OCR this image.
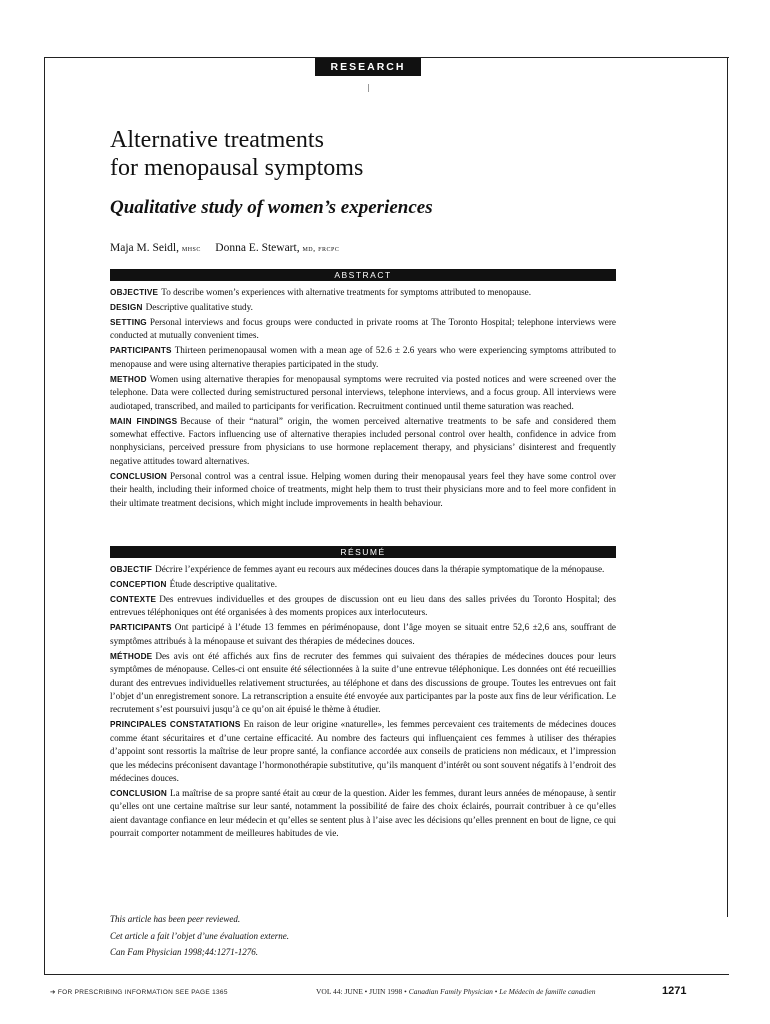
RESEARCH
Alternative treatments
for menopausal symptoms
Qualitative study of women’s experiences
Maja M. Seidl, mhsc Donna E. Stewart, md, frcpc
ABSTRACT

OBJECTIVE To describe women’s experiences with alternative treatments for symptoms attributed to menopause.

DESIGN Descriptive qualitative study.

SETTING Personal interviews and focus groups were conducted in private rooms at The Toronto Hospital; telephone interviews were conducted at mutually convenient times.

PARTICIPANTS Thirteen perimenopausal women with a mean age of 52.6 ± 2.6 years who were experiencing symptoms attributed to menopause and were using alternative therapies participated in the study.

METHOD Women using alternative therapies for menopausal symptoms were recruited via posted notices and were screened over the telephone. Data were collected during semistructured personal interviews, telephone interviews, and a focus group. All interviews were audiotaped, transcribed, and mailed to participants for verification. Recruitment continued until theme saturation was reached.

MAIN FINDINGS Because of their “natural” origin, the women perceived alternative treatments to be safe and considered them somewhat effective. Factors influencing use of alternative therapies included personal control over health, confidence in advice from nonphysicians, perceived pressure from physicians to use hormone replacement therapy, and physicians’ disinterest and frequently negative attitudes toward alternatives.

CONCLUSION Personal control was a central issue. Helping women during their menopausal years feel they have some control over their health, including their informed choice of treatments, might help them to trust their physicians more and to feel more confident in their ultimate treatment decisions, which might include improvements in health behaviour.

RÉSUMÉ

OBJECTIF Décrire l’expérience de femmes ayant eu recours aux médecines douces dans la thérapie symptomatique de la ménopause.

CONCEPTION Étude descriptive qualitative.

CONTEXTE Des entrevues individuelles et des groupes de discussion ont eu lieu dans des salles privées du Toronto Hospital; des entrevues téléphoniques ont été organisées à des moments propices aux interlocuteurs.

PARTICIPANTS Ont participé à l’étude 13 femmes en périménopause, dont l’âge moyen se situait entre 52,6 ±2,6 ans, souffrant de symptômes attribués à la ménopause et suivant des thérapies de médecines douces.

MÉTHODE Des avis ont été affichés aux fins de recruter des femmes qui suivaient des thérapies de médecines douces pour leurs symptômes de ménopause. Celles-ci ont ensuite été sélectionnées à la suite d’une entrevue téléphonique. Les données ont été recueillies durant des entrevues individuelles relativement structurées, au téléphone et dans des discussions de groupe. Toutes les entrevues ont fait l’objet d’un enregistrement sonore. La retranscription a ensuite été envoyée aux participantes par la poste aux fins de leur vérification. Le recrutement s’est poursuivi jusqu’à ce qu’on ait épuisé le thème à étudier.

PRINCIPALES CONSTATATIONS En raison de leur origine «naturelle», les femmes percevaient ces traitements de médecines douces comme étant sécuritaires et d’une certaine efficacité. Au nombre des facteurs qui influençaient ces femmes à utiliser des thérapies d’appoint sont ressortis la maîtrise de leur propre santé, la confiance accordée aux conseils de praticiens non médicaux, et l’impression que les médecins préconisent davantage l’hormonothérapie substitutive, qu’ils manquent d’intérêt ou sont souvent négatifs à l’endroit des médecines douces.

CONCLUSION La maîtrise de sa propre santé était au cœur de la question. Aider les femmes, durant leurs années de ménopause, à sentir qu’elles ont une certaine maîtrise sur leur santé, notamment la possibilité de faire des choix éclairés, pourrait contribuer à ce qu’elles aient davantage confiance en leur médecin et qu’elles se sentent plus à l’aise avec les décisions qu’elles prennent en bout de ligne, ce qui pourrait comporter notamment de meilleures habitudes de vie.

This article has been peer reviewed.
Cet article a fait l’objet d’une évaluation externe.
Can Fam Physician 1998;44:1271-1276.
➔ FOR PRESCRIBING INFORMATION SEE PAGE 1365	VOL 44: JUNE • JUIN 1998 • Canadian Family Physician • Le Médecin de famille canadien	1271
